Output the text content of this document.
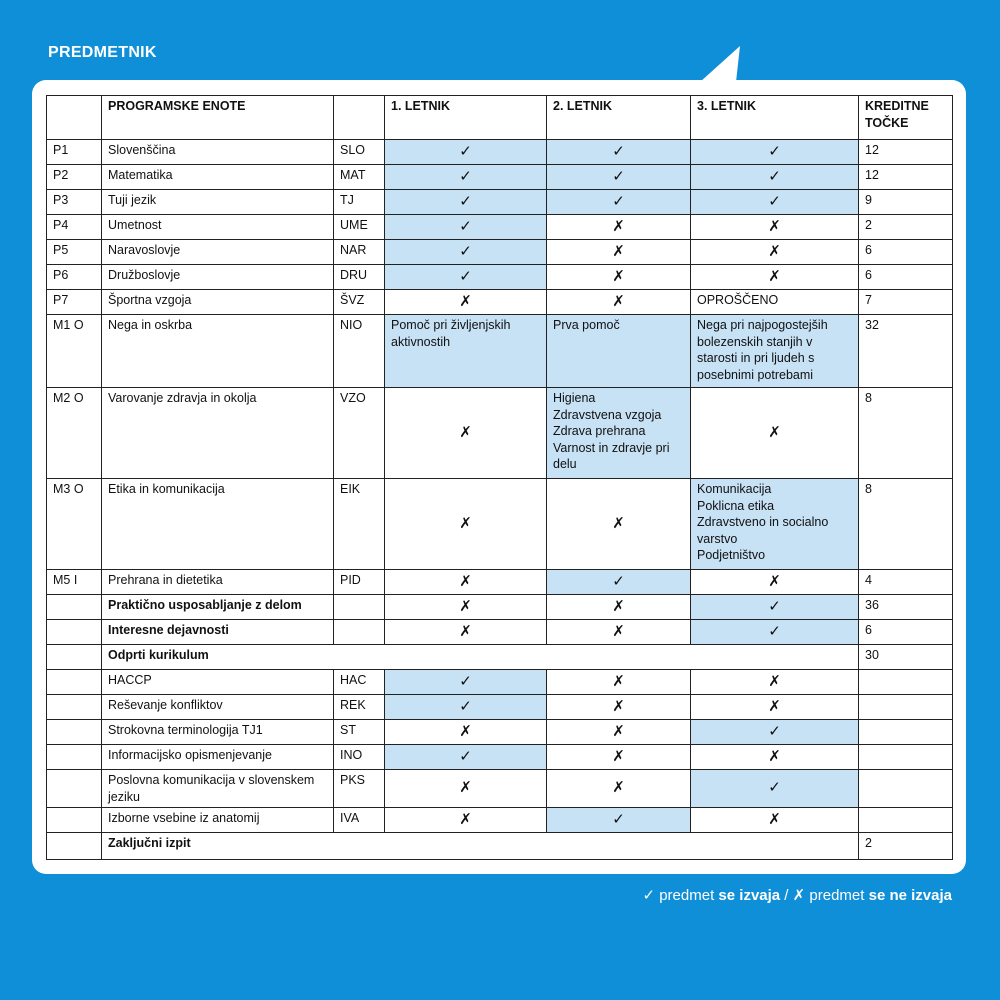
PREDMETNIK
	PROGRAMSKE ENOTE		1. LETNIK	2. LETNIK	3. LETNIK	KREDITNE TOČKE
P1	Slovenščina	SLO	✓	✓	✓	12
P2	Matematika	MAT	✓	✓	✓	12
P3	Tuji jezik	TJ	✓	✓	✓	9
P4	Umetnost	UME	✓	✗	✗	2
P5	Naravoslovje	NAR	✓	✗	✗	6
P6	Družboslovje	DRU	✓	✗	✗	6
P7	Športna vzgoja	ŠVZ	✗	✗	OPROŠČENO	7
M1 O	Nega in oskrba	NIO	Pomoč pri življenjskih aktivnostih	Prva pomoč	Nega pri najpogostejših bolezenskih stanjih v starosti in pri ljudeh s posebnimi potrebami	32
M2 O	Varovanje zdravja in okolja	VZO	✗	Higiena
Zdravstvena vzgoja
Zdrava prehrana
Varnost in zdravje pri delu	✗	8
M3 O	Etika in komunikacija	EIK	✗	✗	Komunikacija
Poklicna etika
Zdravstveno in socialno varstvo
Podjetništvo	8
M5 I	Prehrana in dietetika	PID	✗	✓	✗	4
	Praktično usposabljanje z delom		✗	✗	✓	36
	Interesne dejavnosti		✗	✗	✓	6
	Odprti kurikulum					30
	HACCP	HAC	✓	✗	✗	
	Reševanje konfliktov	REK	✓	✗	✗	
	Strokovna terminologija TJ1	ST	✗	✗	✓	
	Informacijsko opismenjevanje	INO	✓	✗	✗	
	Poslovna komunikacija v slovenskem jeziku	PKS	✗	✗	✓	
	Izborne vsebine iz anatomij	IVA	✗	✓	✗	
	Zaključni izpit					2
✓ predmet se izvaja / ✗ predmet se ne izvaja
